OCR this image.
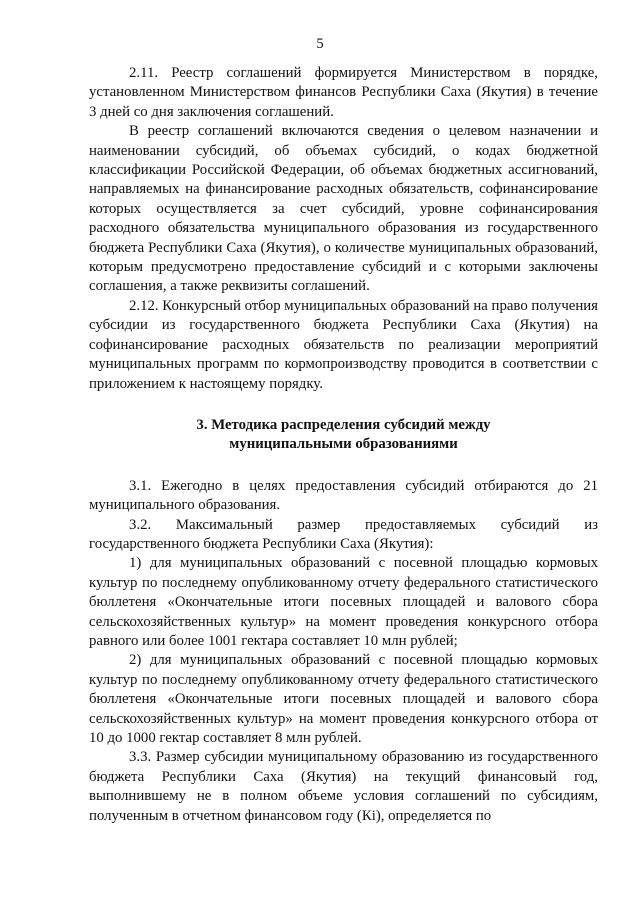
5

2.11. Реестр соглашений формируется Министерством в порядке, установленном Министерством финансов Республики Саха (Якутия) в течение 3 дней со дня заключения соглашений.

В реестр соглашений включаются сведения о целевом назначении и наименовании субсидий, об объемах субсидий, о кодах бюджетной классификации Российской Федерации, об объемах бюджетных ассигнований, направляемых на финансирование расходных обязательств, софинансирование которых осуществляется за счет субсидий, уровне софинансирования расходного обязательства муниципального образования из государственного бюджета Республики Саха (Якутия), о количестве муниципальных образований, которым предусмотрено предоставление субсидий и с которыми заключены соглашения, а также реквизиты соглашений.

2.12. Конкурсный отбор муниципальных образований на право получения субсидии из государственного бюджета Республики Саха (Якутия) на софинансирование расходных обязательств по реализации мероприятий муниципальных программ по кормопроизводству проводится в соответствии с приложением к настоящему порядку.

3. Методика распределения субсидий между
муниципальными образованиями

3.1. Ежегодно в целях предоставления субсидий отбираются до 21 муниципального образования.

3.2. Максимальный размер предоставляемых субсидий из государственного бюджета Республики Саха (Якутия):

1) для муниципальных образований с посевной площадью кормовых культур по последнему опубликованному отчету федерального статистического бюллетеня «Окончательные итоги посевных площадей и валового сбора сельскохозяйственных культур» на момент проведения конкурсного отбора равного или более 1001 гектара составляет 10 млн рублей;

2) для муниципальных образований с посевной площадью кормовых культур по последнему опубликованному отчету федерального статистического бюллетеня «Окончательные итоги посевных площадей и валового сбора сельскохозяйственных культур» на момент проведения конкурсного отбора от 10 до 1000 гектар составляет 8 млн рублей.

3.3. Размер субсидии муниципальному образованию из государственного бюджета Республики Саха (Якутия) на текущий финансовый год, выполнившему не в полном объеме условия соглашений по субсидиям, полученным в отчетном финансовом году (Кi), определяется по
